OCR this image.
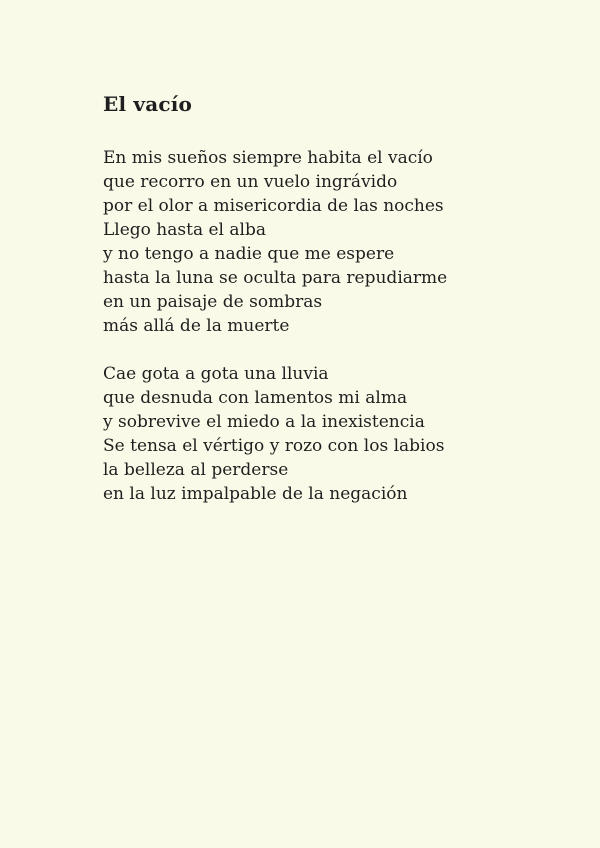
El vacío

En mis sueños siempre habita el vacío

que recorro en un vuelo ingrávido

por el olor a misericordia de las noches

Llego hasta el alba

y no tengo a nadie que me espere

hasta la luna se oculta para repudiarme

en un paisaje de sombras

más allá de la muerte

Cae gota a gota una lluvia

que desnuda con lamentos mi alma

y sobrevive el miedo a la inexistencia

Se tensa el vértigo y rozo con los labios

la belleza al perderse

en la luz impalpable de la negación
